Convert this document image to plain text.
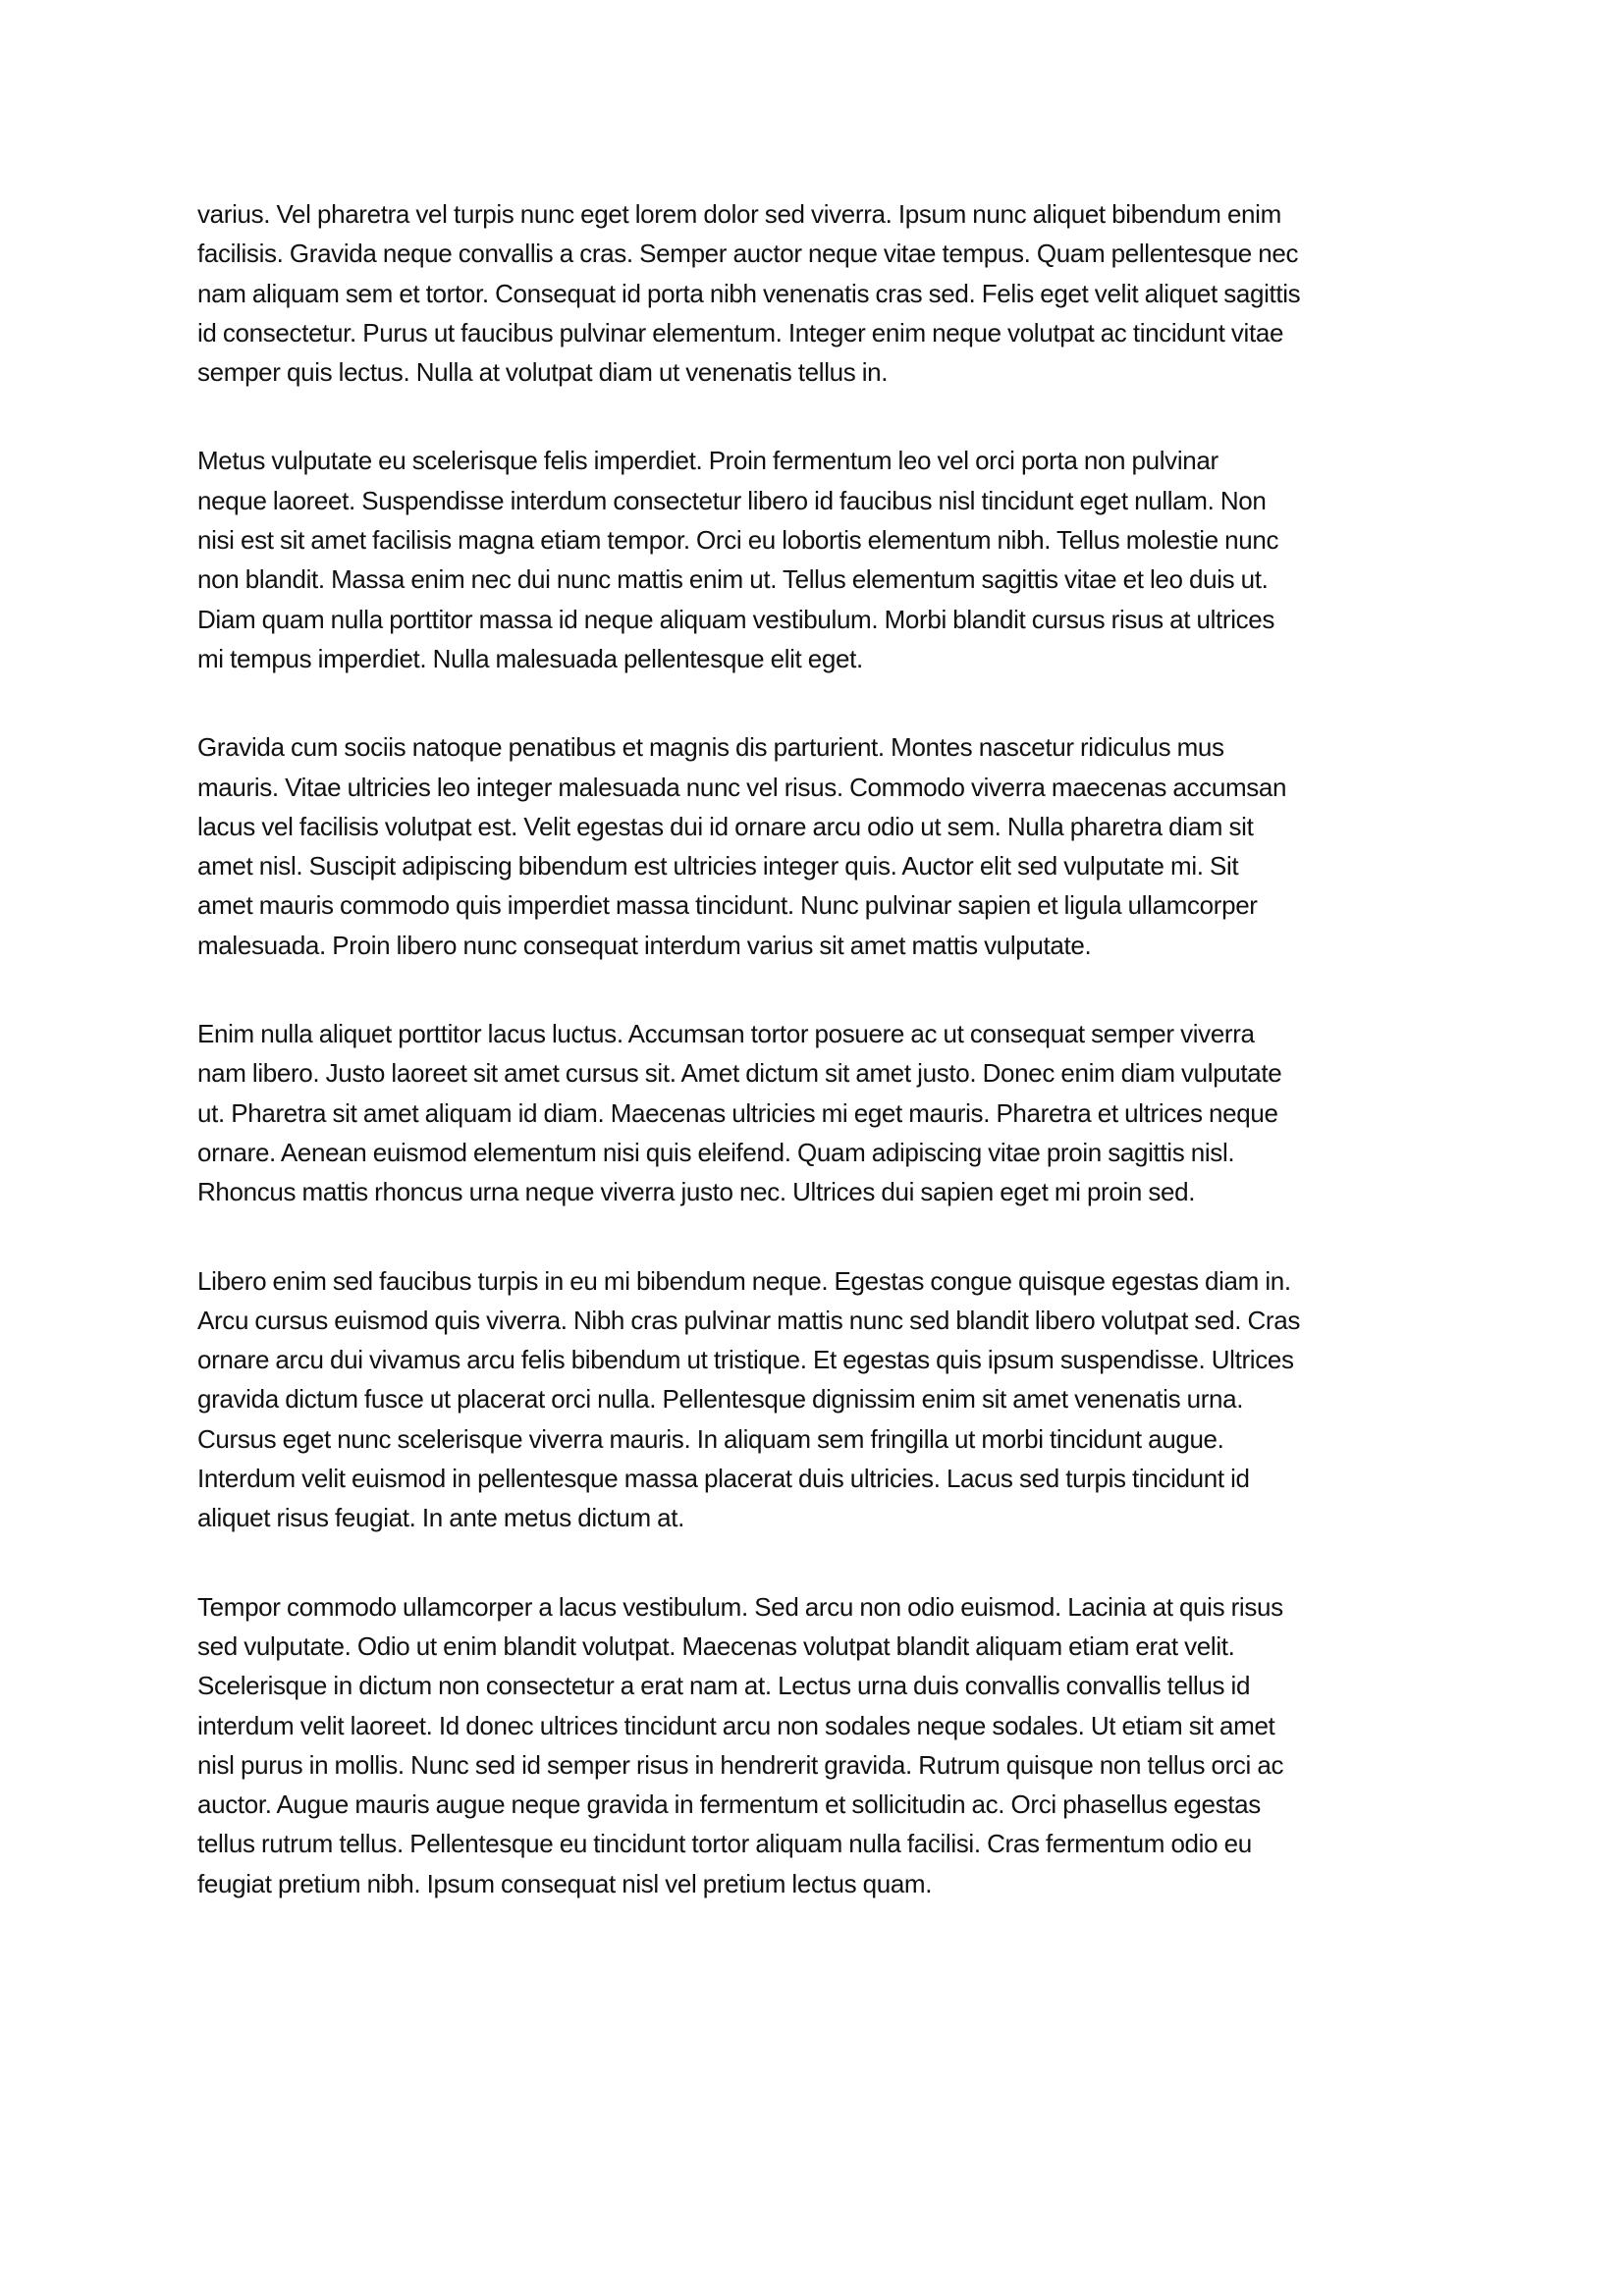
varius. Vel pharetra vel turpis nunc eget lorem dolor sed viverra. Ipsum nunc aliquet bibendum enim
facilisis. Gravida neque convallis a cras. Semper auctor neque vitae tempus. Quam pellentesque nec
nam aliquam sem et tortor. Consequat id porta nibh venenatis cras sed. Felis eget velit aliquet sagittis
id consectetur. Purus ut faucibus pulvinar elementum. Integer enim neque volutpat ac tincidunt vitae
semper quis lectus. Nulla at volutpat diam ut venenatis tellus in.

Metus vulputate eu scelerisque felis imperdiet. Proin fermentum leo vel orci porta non pulvinar
neque laoreet. Suspendisse interdum consectetur libero id faucibus nisl tincidunt eget nullam. Non
nisi est sit amet facilisis magna etiam tempor. Orci eu lobortis elementum nibh. Tellus molestie nunc
non blandit. Massa enim nec dui nunc mattis enim ut. Tellus elementum sagittis vitae et leo duis ut.
Diam quam nulla porttitor massa id neque aliquam vestibulum. Morbi blandit cursus risus at ultrices
mi tempus imperdiet. Nulla malesuada pellentesque elit eget.

Gravida cum sociis natoque penatibus et magnis dis parturient. Montes nascetur ridiculus mus
mauris. Vitae ultricies leo integer malesuada nunc vel risus. Commodo viverra maecenas accumsan
lacus vel facilisis volutpat est. Velit egestas dui id ornare arcu odio ut sem. Nulla pharetra diam sit
amet nisl. Suscipit adipiscing bibendum est ultricies integer quis. Auctor elit sed vulputate mi. Sit
amet mauris commodo quis imperdiet massa tincidunt. Nunc pulvinar sapien et ligula ullamcorper
malesuada. Proin libero nunc consequat interdum varius sit amet mattis vulputate.

Enim nulla aliquet porttitor lacus luctus. Accumsan tortor posuere ac ut consequat semper viverra
nam libero. Justo laoreet sit amet cursus sit. Amet dictum sit amet justo. Donec enim diam vulputate
ut. Pharetra sit amet aliquam id diam. Maecenas ultricies mi eget mauris. Pharetra et ultrices neque
ornare. Aenean euismod elementum nisi quis eleifend. Quam adipiscing vitae proin sagittis nisl.
Rhoncus mattis rhoncus urna neque viverra justo nec. Ultrices dui sapien eget mi proin sed.

Libero enim sed faucibus turpis in eu mi bibendum neque. Egestas congue quisque egestas diam in.
Arcu cursus euismod quis viverra. Nibh cras pulvinar mattis nunc sed blandit libero volutpat sed. Cras
ornare arcu dui vivamus arcu felis bibendum ut tristique. Et egestas quis ipsum suspendisse. Ultrices
gravida dictum fusce ut placerat orci nulla. Pellentesque dignissim enim sit amet venenatis urna.
Cursus eget nunc scelerisque viverra mauris. In aliquam sem fringilla ut morbi tincidunt augue.
Interdum velit euismod in pellentesque massa placerat duis ultricies. Lacus sed turpis tincidunt id
aliquet risus feugiat. In ante metus dictum at.

Tempor commodo ullamcorper a lacus vestibulum. Sed arcu non odio euismod. Lacinia at quis risus
sed vulputate. Odio ut enim blandit volutpat. Maecenas volutpat blandit aliquam etiam erat velit.
Scelerisque in dictum non consectetur a erat nam at. Lectus urna duis convallis convallis tellus id
interdum velit laoreet. Id donec ultrices tincidunt arcu non sodales neque sodales. Ut etiam sit amet
nisl purus in mollis. Nunc sed id semper risus in hendrerit gravida. Rutrum quisque non tellus orci ac
auctor. Augue mauris augue neque gravida in fermentum et sollicitudin ac. Orci phasellus egestas
tellus rutrum tellus. Pellentesque eu tincidunt tortor aliquam nulla facilisi. Cras fermentum odio eu
feugiat pretium nibh. Ipsum consequat nisl vel pretium lectus quam.
